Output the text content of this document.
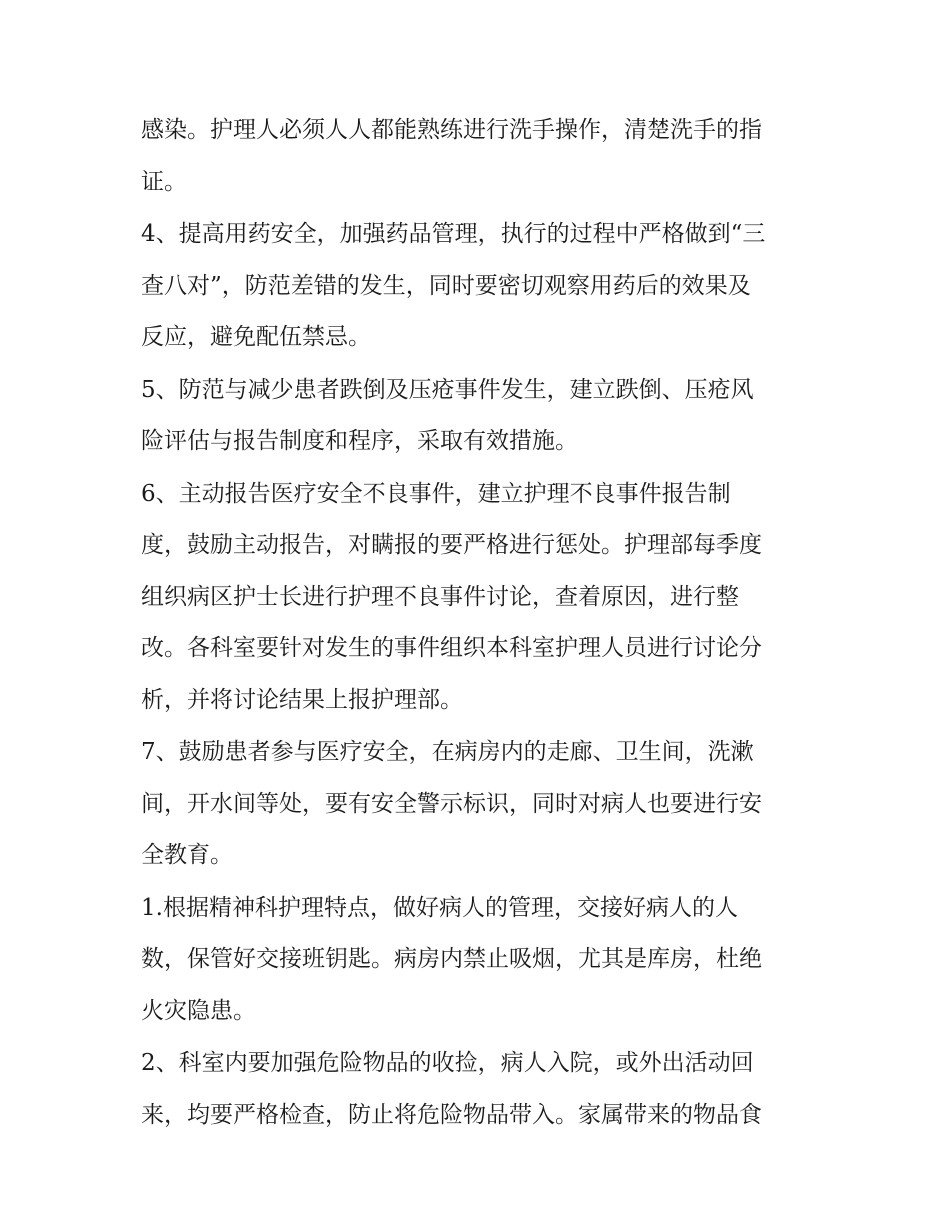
感染。护理人必须人人都能熟练进行洗手操作，清楚洗手的指
证。

4、提高用药安全，加强药品管理，执行的过程中严格做到“三
查八对”，防范差错的发生，同时要密切观察用药后的效果及
反应，避免配伍禁忌。

5、防范与减少患者跌倒及压疮事件发生，建立跌倒、压疮风
险评估与报告制度和程序，采取有效措施。

6、主动报告医疗安全不良事件，建立护理不良事件报告制
度，鼓励主动报告，对瞒报的要严格进行惩处。护理部每季度
组织病区护士长进行护理不良事件讨论，查着原因，进行整
改。各科室要针对发生的事件组织本科室护理人员进行讨论分
析，并将讨论结果上报护理部。

7、鼓励患者参与医疗安全，在病房内的走廊、卫生间，洗漱
间，开水间等处，要有安全警示标识，同时对病人也要进行安
全教育。

1.根据精神科护理特点，做好病人的管理，交接好病人的人
数，保管好交接班钥匙。病房内禁止吸烟，尤其是库房，杜绝
火灾隐患。

2、科室内要加强危险物品的收捡，病人入院，或外出活动回
来，均要严格检查，防止将危险物品带入。家属带来的物品食
